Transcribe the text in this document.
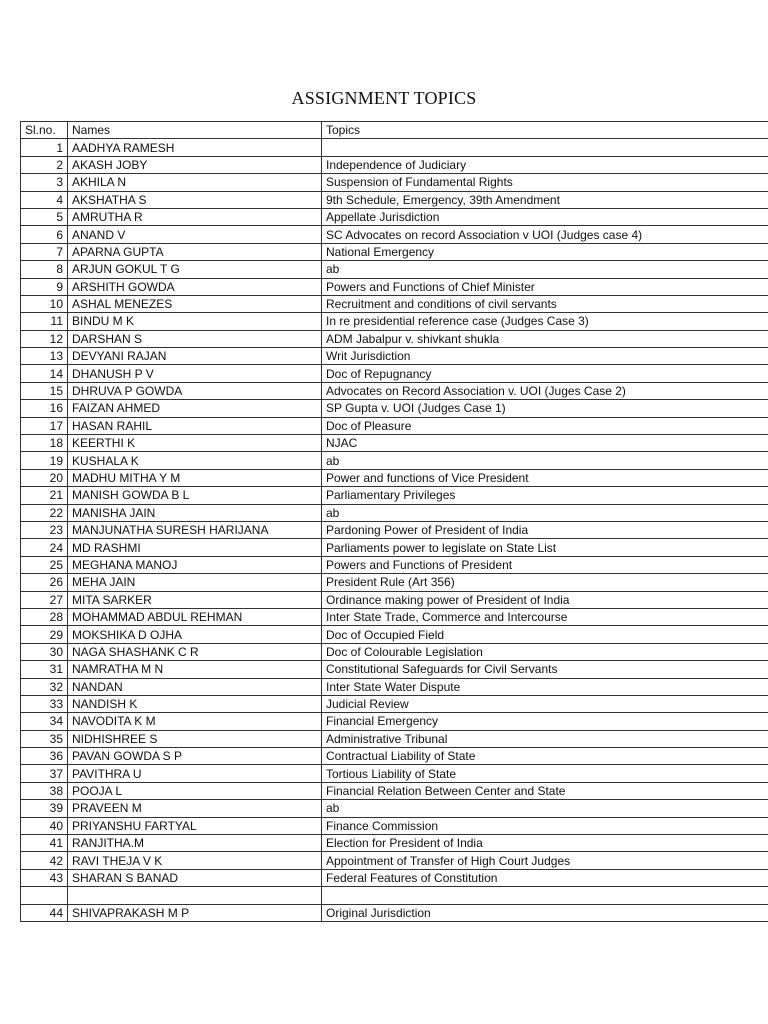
ASSIGNMENT TOPICS
Sl.no.	Names	Topics
1	AADHYA RAMESH	
2	AKASH JOBY	Independence of Judiciary
3	AKHILA N	Suspension of Fundamental Rights
4	AKSHATHA S	9th Schedule, Emergency, 39th Amendment
5	AMRUTHA R	Appellate Jurisdiction
6	ANAND V	SC Advocates on record Association v UOI (Judges case 4)
7	APARNA GUPTA	National Emergency
8	ARJUN GOKUL T G	ab
9	ARSHITH GOWDA	Powers and Functions of Chief Minister
10	ASHAL MENEZES	Recruitment and conditions of civil servants
11	BINDU M K	In re presidential reference case (Judges Case 3)
12	DARSHAN S	ADM Jabalpur v. shivkant shukla
13	DEVYANI RAJAN	Writ Jurisdiction
14	DHANUSH P V	Doc of Repugnancy
15	DHRUVA P GOWDA	Advocates on Record Association v. UOI (Juges Case 2)
16	FAIZAN AHMED	SP Gupta v. UOI (Judges Case 1)
17	HASAN RAHIL	Doc of Pleasure
18	KEERTHI K	NJAC
19	KUSHALA K	ab
20	MADHU MITHA Y M	Power and functions of Vice President
21	MANISH GOWDA B L	Parliamentary Privileges
22	MANISHA JAIN	ab
23	MANJUNATHA SURESH HARIJANA	Pardoning Power of President of India
24	MD RASHMI	Parliaments power to legislate on State List
25	MEGHANA MANOJ	Powers and Functions of President
26	MEHA JAIN	President Rule (Art 356)
27	MITA SARKER	Ordinance making power of President of India
28	MOHAMMAD ABDUL REHMAN	Inter State Trade, Commerce and Intercourse
29	MOKSHIKA D OJHA	Doc of Occupied Field
30	NAGA SHASHANK C R	Doc of Colourable Legislation
31	NAMRATHA M N	Constitutional Safeguards for Civil Servants
32	NANDAN	Inter State Water Dispute
33	NANDISH K	Judicial Review
34	NAVODITA K M	Financial Emergency
35	NIDHISHREE S	Administrative Tribunal
36	PAVAN GOWDA S P	Contractual Liability of State
37	PAVITHRA U	Tortious Liability of State
38	POOJA L	Financial Relation Between Center and State
39	PRAVEEN M	ab
40	PRIYANSHU FARTYAL	Finance Commission
41	RANJITHA.M	Election for President of India
42	RAVI THEJA V K	Appointment of Transfer of High Court Judges
43	SHARAN S BANAD	Federal Features of Constitution

44	SHIVAPRAKASH M P	Original Jurisdiction
